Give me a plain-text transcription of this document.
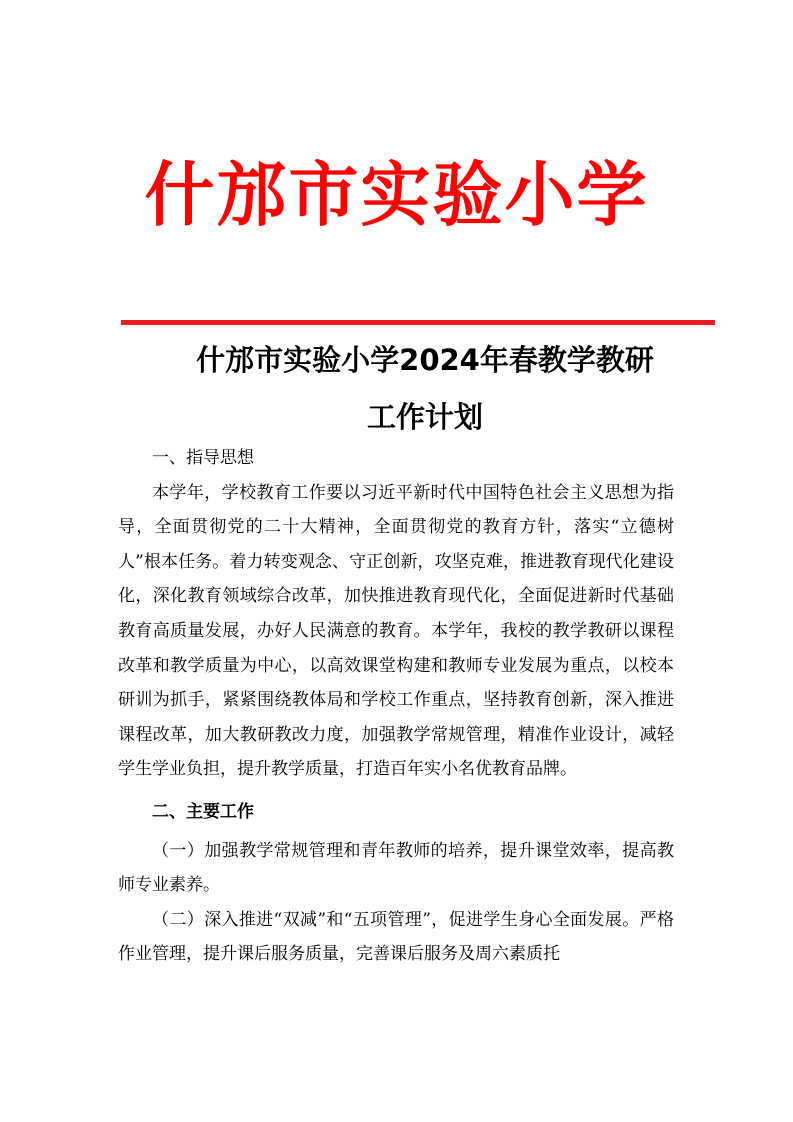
什邡市实验小学
什邡市实验小学2024年春教学教研
工作计划

一、指导思想

本学年，学校教育工作要以习近平新时代中国特色社会主义思想为指导，全面贯彻党的二十大精神，全面贯彻党的教育方针，落实“立德树人”根本任务。着力转变观念、守正创新，攻坚克难，推进教育现代化建设化，深化教育领域综合改革，加快推进教育现代化，全面促进新时代基础教育高质量发展，办好人民满意的教育。本学年，我校的教学教研以课程改革和教学质量为中心，以高效课堂构建和教师专业发展为重点，以校本研训为抓手，紧紧围绕教体局和学校工作重点，坚持教育创新，深入推进课程改革，加大教研教改力度，加强教学常规管理，精准作业设计，减轻学生学业负担，提升教学质量，打造百年实小名优教育品牌。

二、主要工作

（一）加强教学常规管理和青年教师的培养，提升课堂效率，提高教师专业素养。

（二）深入推进“双减”和“五项管理”，促进学生身心全面发展。严格作业管理，提升课后服务质量，完善课后服务及周六素质托
